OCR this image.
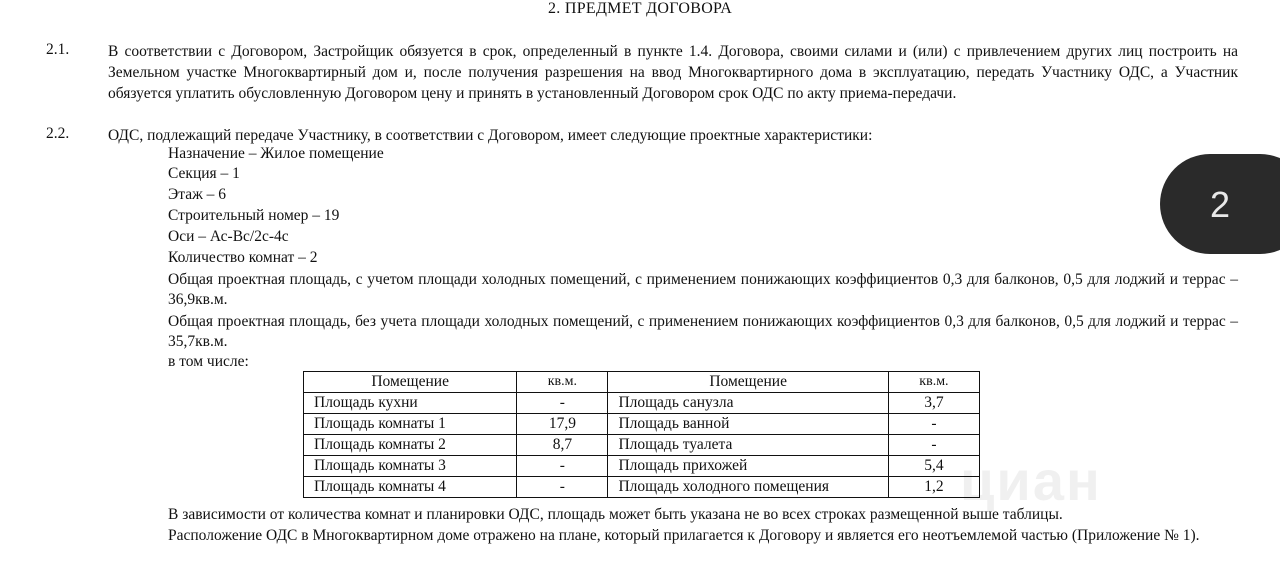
2. ПРЕДМЕТ ДОГОВОРА
2.1.	В соответствии с Договором, Застройщик обязуется в срок, определенный в пункте 1.4. Договора, своими силами и (или) с привлечением других лиц построить на Земельном участке Многоквартирный дом и, после получения разрешения на ввод Многоквартирного дома в эксплуатацию, передать Участнику ОДС, а Участник обязуется уплатить обусловленную Договором цену и принять в установленный Договором срок ОДС по акту приема-передачи.
2.2.	ОДС, подлежащий передаче Участнику, в соответствии с Договором, имеет следующие проектные характеристики:
Назначение – Жилое помещение
Секция – 1
Этаж – 6
Строительный номер – 19
Оси – Ас-Вс/2с-4с
Количество комнат – 2
Общая проектная площадь, с учетом площади холодных помещений, с применением понижающих коэффициентов 0,3 для балконов, 0,5 для лоджий и террас – 36,9кв.м.
Общая проектная площадь, без учета площади холодных помещений, с применением понижающих коэффициентов 0,3 для балконов, 0,5 для лоджий и террас – 35,7кв.м.
в том числе:
Помещение	кв.м.	Помещение	кв.м.
Площадь кухни	-	Площадь санузла	3,7
Площадь комнаты 1	17,9	Площадь ванной	-
Площадь комнаты 2	8,7	Площадь туалета	-
Площадь комнаты 3	-	Площадь прихожей	5,4
Площадь комнаты 4	-	Площадь холодного помещения	1,2
В зависимости от количества комнат и планировки ОДС, площадь может быть указана не во всех строках размещенной выше таблицы.
Расположение ОДС в Многоквартирном доме отражено на плане, который прилагается к Договору и является его неотъемлемой частью (Приложение № 1).
2
циан
